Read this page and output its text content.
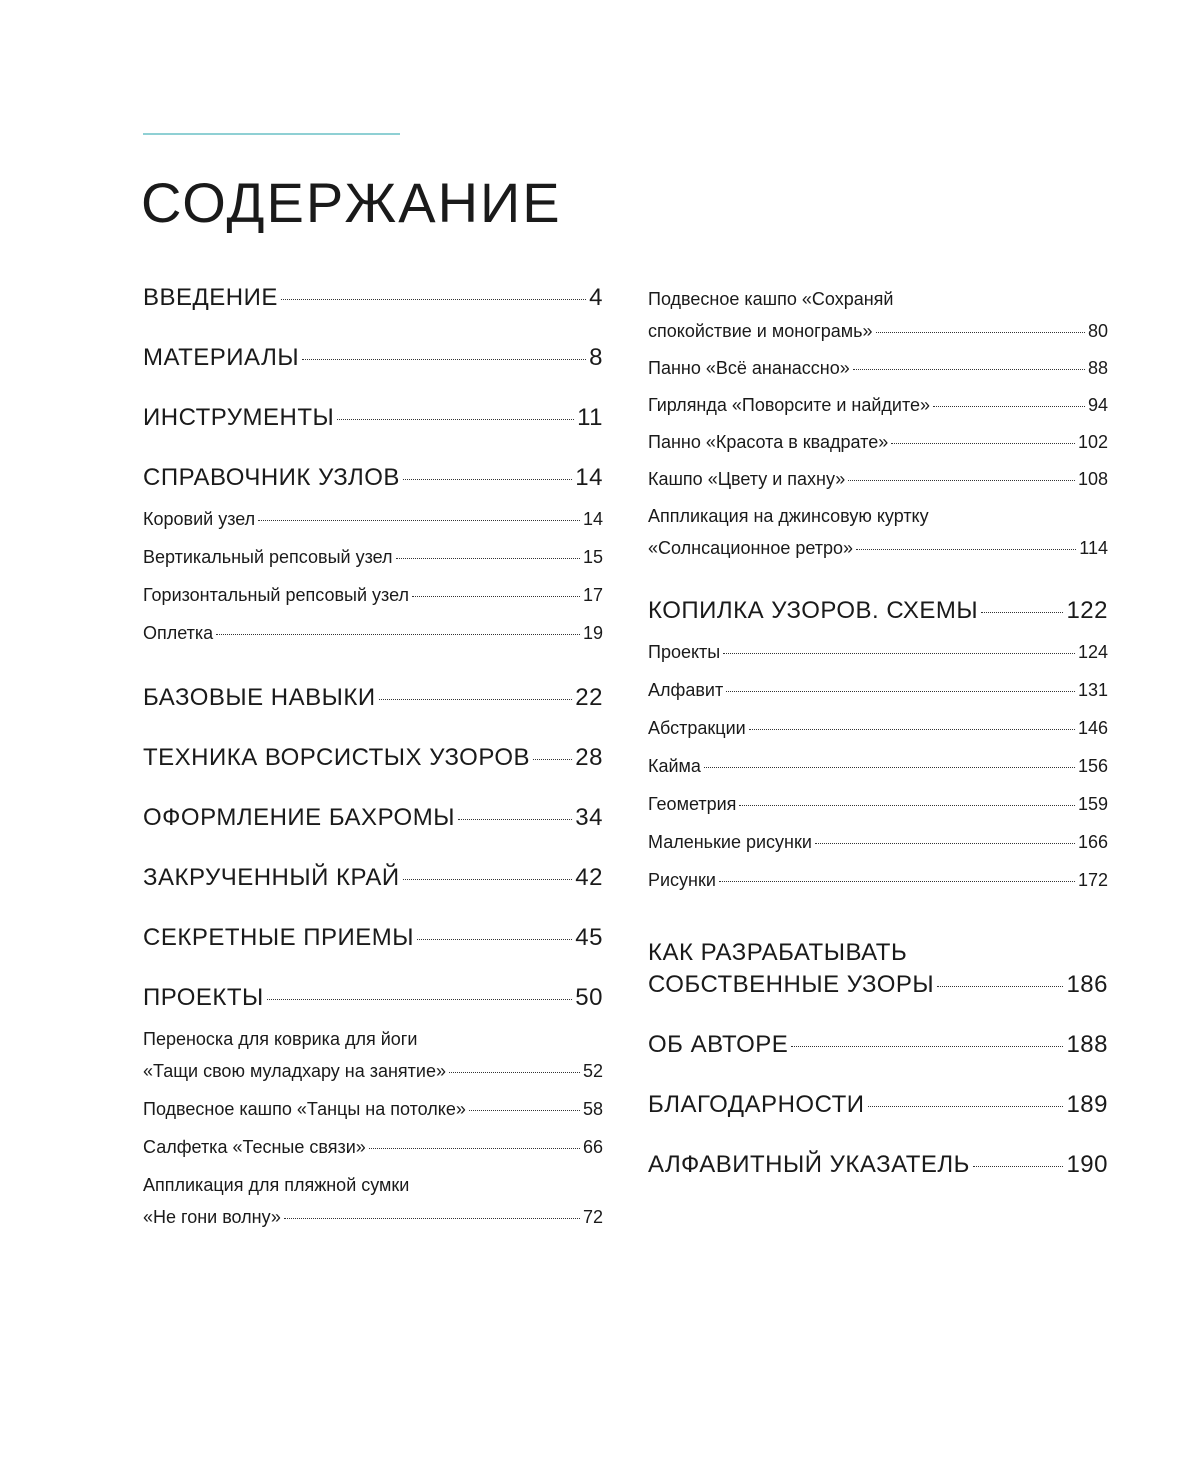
СОДЕРЖАНИЕ
ВВЕДЕНИЕ	4
МАТЕРИАЛЫ	8
ИНСТРУМЕНТЫ	11
СПРАВОЧНИК УЗЛОВ	14
Коровий узел	14
Вертикальный репсовый узел	15
Горизонтальный репсовый узел	17
Оплетка	19
БАЗОВЫЕ НАВЫКИ	22
ТЕХНИКА ВОРСИСТЫХ УЗОРОВ 28
ОФОРМЛЕНИЕ БАХРОМЫ	34
ЗАКРУЧЕННЫЙ КРАЙ	42
СЕКРЕТНЫЕ ПРИЕМЫ	45
ПРОЕКТЫ	50
Переноска для коврика для йоги
«Тащи свою муладхару на занятие»	52
Подвесное кашпо «Танцы на потолке»	58
Салфетка «Тесные связи»	66
Аппликация для пляжной сумки
«Не гони волну»	72
Подвесное кашпо «Сохраняй
спокойствие и монограмь»	80
Панно «Всё ананассно»	88
Гирлянда «Поворсите и найдите»	94
Панно «Красота в квадрате»	102
Кашпо «Цвету и пахну»	108
Аппликация на джинсовую куртку
«Солнсационное ретро»	114
КОПИЛКА УЗОРОВ. СХЕМЫ	122
Проекты	124
Алфавит	131
Абстракции	146
Кайма	156
Геометрия	159
Маленькие рисунки	166
Рисунки	172
КАК РАЗРАБАТЫВАТЬ
СОБСТВЕННЫЕ УЗОРЫ	186
ОБ АВТОРЕ	188
БЛАГОДАРНОСТИ	189
АЛФАВИТНЫЙ УКАЗАТЕЛЬ	190
